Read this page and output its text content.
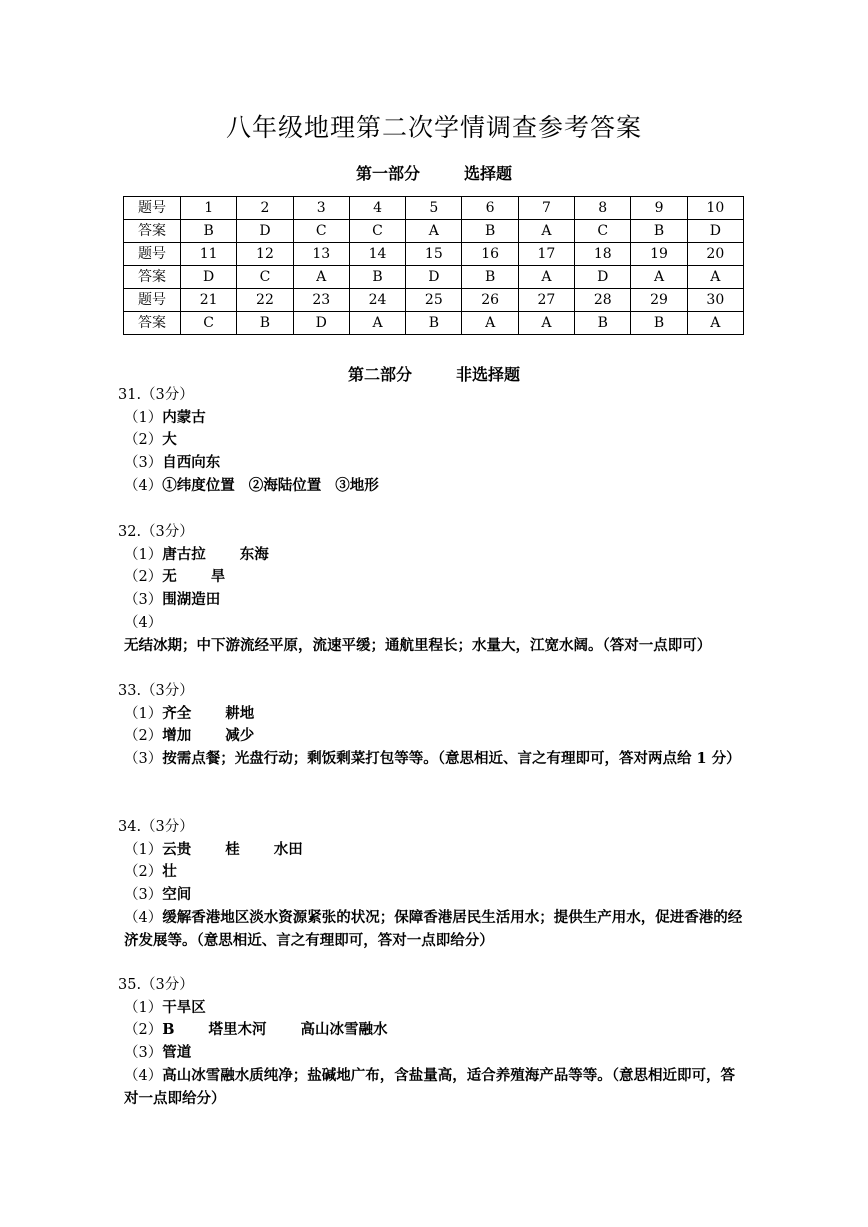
八年级地理第二次学情调查参考答案
第一部分	选择题
题号	1	2	3	4	5	6	7	8	9	10
答案	B	D	C	C	A	B	A	C	B	D
题号	11	12	13	14	15	16	17	18	19	20
答案	D	C	A	B	D	B	A	D	A	A
题号	21	22	23	24	25	26	27	28	29	30
答案	C	B	D	A	B	A	A	B	B	A
第二部分	非选择题
31.（3分）
（1）内蒙古
（2）大
（3）自西向东
（4）①纬度位置 ②海陆位置 ③地形
32.（3分）
（1）唐古拉 东海
（2）无 旱
（3）围湖造田
（4）无结冰期；中下游流经平原，流速平缓；通航里程长；水量大，江宽水阔。（答对一点即可）
33.（3分）
（1）齐全 耕地
（2）增加 减少
（3）按需点餐；光盘行动；剩饭剩菜打包等等。（意思相近、言之有理即可，答对两点给 1 分）
34.（3分）
（1）云贵 桂 水田
（2）壮
（3）空间
（4）缓解香港地区淡水资源紧张的状况；保障香港居民生活用水；提供生产用水，促进香港的经济发展等。（意思相近、言之有理即可，答对一点即给分）
35.（3分）
（1）干旱区
（2）B 塔里木河 高山冰雪融水
（3）管道
（4）高山冰雪融水质纯净；盐碱地广布，含盐量高，适合养殖海产品等等。（意思相近即可，答对一点即给分）
